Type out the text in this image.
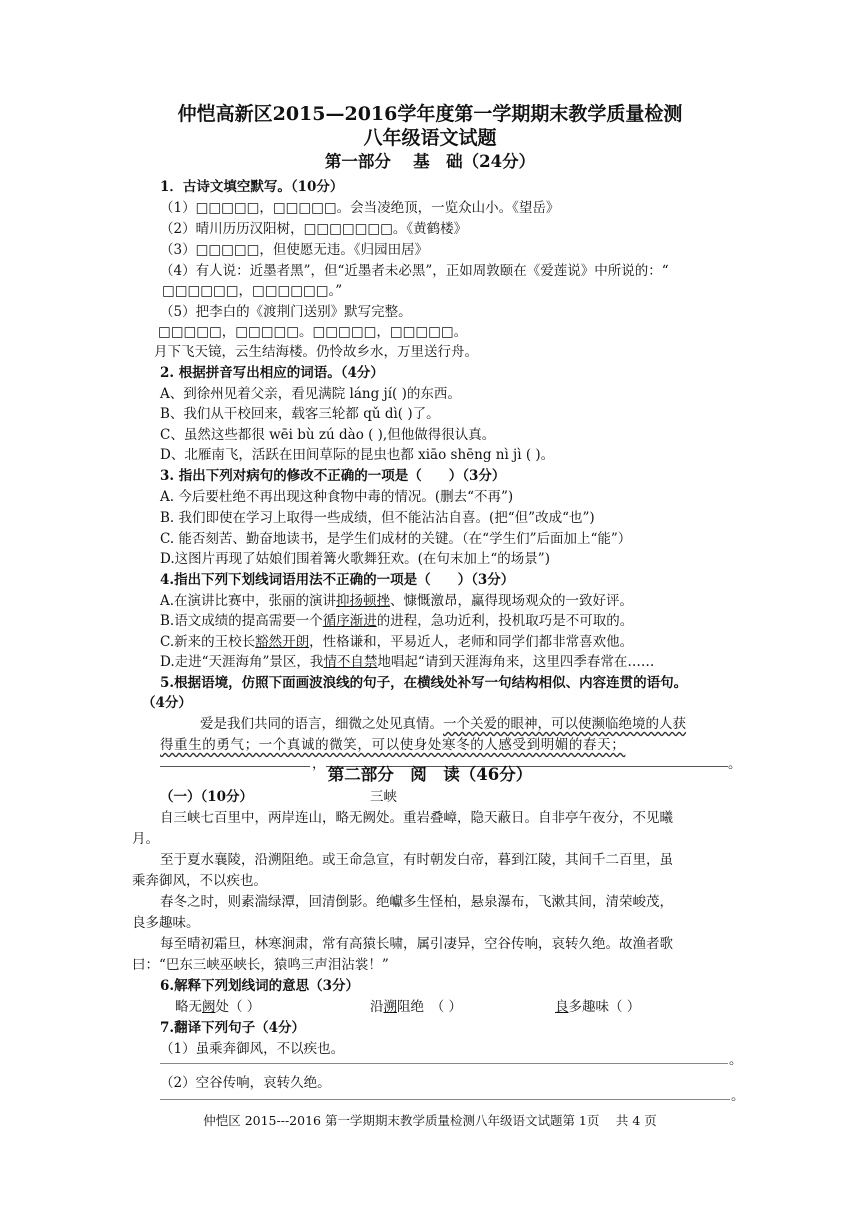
仲恺高新区2015—2016学年度第一学期期末教学质量检测
八年级语文试题
第一部分　 基　础（24分）
1．古诗文填空默写。（10分）
（1）□□□□□，□□□□□。会当凌绝顶，一览众山小。《望岳》
（2）晴川历历汉阳树，□□□□□□□。《黄鹤楼》
（3）□□□□□，但使愿无违。《归园田居》
（4）有人说：近墨者黑”，但“近墨者未必黑”，正如周敦颐在《爱莲说》中所说的：“
□□□□□□，□□□□□□。”
（5）把李白的《渡荆门送别》默写完整。
□□□□□，□□□□□。□□□□□，□□□□□。
月下飞天镜，云生结海楼。仍怜故乡水，万里送行舟。
2. 根据拼音写出相应的词语。（4分）
A、到徐州见着父亲，看见满院 láng jí( )的东西。
B、我们从干校回来，载客三轮都 qǔ dì( )了。
C、虽然这些都很 wēi bù zú dào ( ),但他做得很认真。
D、北雁南飞，活跃在田间草际的昆虫也都 xiāo shēng nì jì ( )。
3. 指出下列对病句的修改不正确的一项是（　　）（3分）
A. 今后要杜绝不再出现这种食物中毒的情况。(删去“不再”)
B. 我们即使在学习上取得一些成绩，但不能沾沾自喜。(把“但”改成“也”)
C. 能否刻苦、勤奋地读书，是学生们成材的关键。（在“学生们”后面加上“能”）
D.这图片再现了姑娘们围着篝火歌舞狂欢。(在句末加上“的场景”)
4.指出下列下划线词语用法不正确的一项是（　　）（3分）
A.在演讲比赛中，张丽的演讲抑扬顿挫、慷慨激昂，赢得现场观众的一致好评。
B.语文成绩的提高需要一个循序渐进的进程，急功近利，投机取巧是不可取的。
C.新来的王校长豁然开朗，性格谦和，平易近人，老师和同学们都非常喜欢他。
D.走进“天涯海角”景区，我情不自禁地唱起“请到天涯海角来，这里四季春常在……
5.根据语境，仿照下面画波浪线的句子，在横线处补写一句结构相似、内容连贯的语句。
（4分）
爱是我们共同的语言，细微之处见真情。一个关爱的眼神，可以使濒临绝境的人获
得重生的勇气；一个真诚的微笑，可以使身处寒冬的人感受到明媚的春天；
，	。
第二部分　阅　读（46分）
（一）（10分）	三峡
自三峡七百里中，两岸连山，略无阙处。重岩叠嶂，隐天蔽日。自非亭午夜分，不见曦
月。
至于夏水襄陵，沿溯阻绝。或王命急宣，有时朝发白帝，暮到江陵，其间千二百里，虽
乘奔御风，不以疾也。
春冬之时，则素湍绿潭，回清倒影。绝巘多生怪柏，悬泉瀑布，飞漱其间，清荣峻茂，
良多趣味。
每至晴初霜旦，林寒涧肃，常有高猿长啸，属引凄异，空谷传响，哀转久绝。故渔者歌
曰：“巴东三峡巫峡长，猿鸣三声泪沾裳！”
6.解释下列划线词的意思（3分）
略无阙处（ ）	沿溯阻绝　（ ）	良多趣味（ ）
7.翻译下列句子（4分）
（1）虽乘奔御风，不以疾也。
。
（2）空谷传响，哀转久绝。
。
仲恺区 2015---2016 第一学期期末教学质量检测八年级语文试题第 1页　 共 4 页
